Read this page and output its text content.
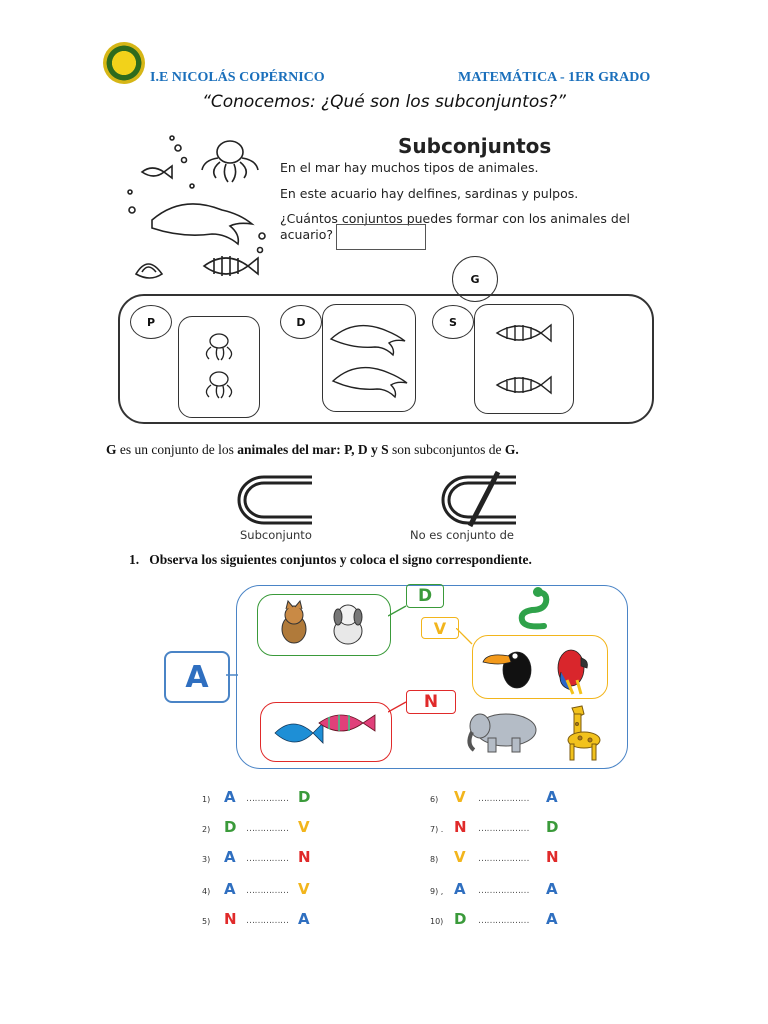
I.E NICOLÁS COPÉRNICO	MATEMÁTICA - 1ER GRADO
“Conocemos: ¿Qué son los subconjuntos?”
Subconjuntos
En el mar hay muchos tipos de animales.
En este acuario hay delfines, sardinas y pulpos.
¿Cuántos conjuntos puedes formar con los animales del
acuario?
G
P	D	S
G es un conjunto de los animales del mar: P, D y S son subconjuntos de G.
Subconjunto	No es conjunto de
1. Observa los siguientes conjuntos y coloca el signo correspondiente.
A
D
V
N
1) A …………… D
2) D …………… V
3) A …………… N
4) A …………… V
5) N …………… A
6) V ……………… A
7) . N ……………… D
8) V ……………… N
9) , A ……………… A
10) D ……………… A
